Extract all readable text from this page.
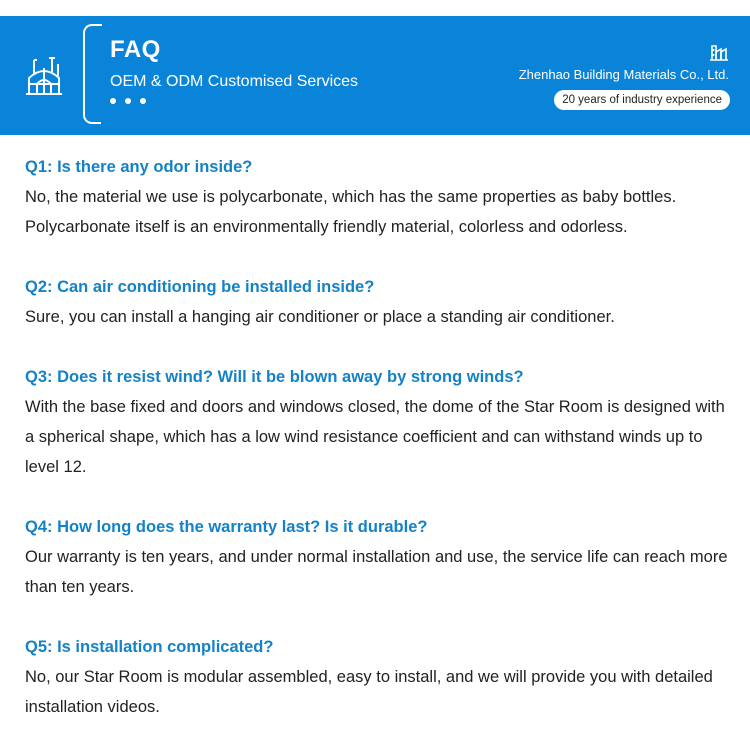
FAQ
OEM & ODM Customised Services	Zhenhao Building Materials Co., Ltd.
20 years of industry experience
Q1: Is there any odor inside?
No, the material we use is polycarbonate, which has the same properties as baby bottles. Polycarbonate itself is an environmentally friendly material, colorless and odorless.
Q2: Can air conditioning be installed inside?
Sure, you can install a hanging air conditioner or place a standing air conditioner.
Q3: Does it resist wind? Will it be blown away by strong winds?
With the base fixed and doors and windows closed, the dome of the Star Room is designed with a spherical shape, which has a low wind resistance coefficient and can withstand winds up to level 12.
Q4: How long does the warranty last? Is it durable?
Our warranty is ten years, and under normal installation and use, the service life can reach more than ten years.
Q5: Is installation complicated?
No, our Star Room is modular assembled, easy to install, and we will provide you with detailed installation videos.
